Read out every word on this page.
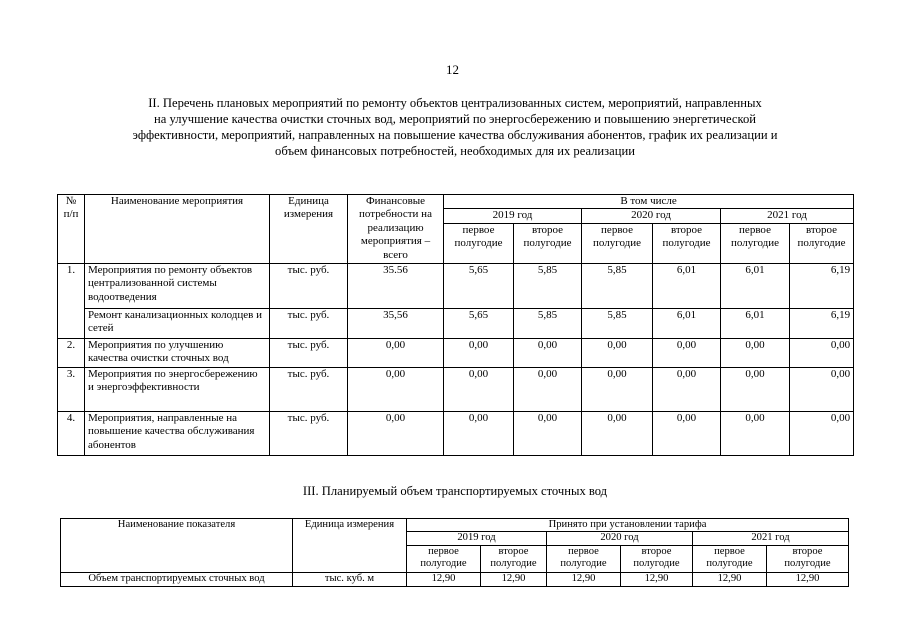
12
II. Перечень плановых мероприятий по ремонту объектов централизованных систем, мероприятий, направленных
на улучшение качества очистки сточных вод, мероприятий по энергосбережению и повышению энергетической
эффективности, мероприятий, направленных на повышение качества обслуживания абонентов, график их реализации и
объем финансовых потребностей, необходимых для их реализации
№ п/п	Наименование мероприятия	Единица измерения	Финансовые потребности на реализацию мероприятия – всего	В том числе					
				2019 год		2020 год		2021 год	
				первое полугодие	второе полугодие	первое полугодие	второе полугодие	первое полугодие	второе полугодие
1.	Мероприятия по ремонту объектов централизованной системы водоотведения	тыс. руб.	35.56	5,65	5,85	5,85	6,01	6,01	6,19
	Ремонт канализационных колодцев и сетей	тыс. руб.	35,56	5,65	5,85	5,85	6,01	6,01	6,19
2.	Мероприятия по улучшению качества очистки сточных вод	тыс. руб.	0,00	0,00	0,00	0,00	0,00	0,00	0,00
3.	Мероприятия по энергосбережению и энергоэффективности	тыс. руб.	0,00	0,00	0,00	0,00	0,00	0,00	0,00
4.	Мероприятия, направленные на повышение качества обслуживания абонентов	тыс. руб.	0,00	0,00	0,00	0,00	0,00	0,00	0,00
III. Планируемый объем транспортируемых сточных вод
Наименование показателя	Единица измерения	Принято при установлении тарифа					
		2019 год		2020 год		2021 год	
		первое полугодие	второе полугодие	первое полугодие	второе полугодие	первое полугодие	второе полугодие
Объем транспортируемых сточных вод	тыс. куб. м	12,90	12,90	12,90	12,90	12,90	12,90
